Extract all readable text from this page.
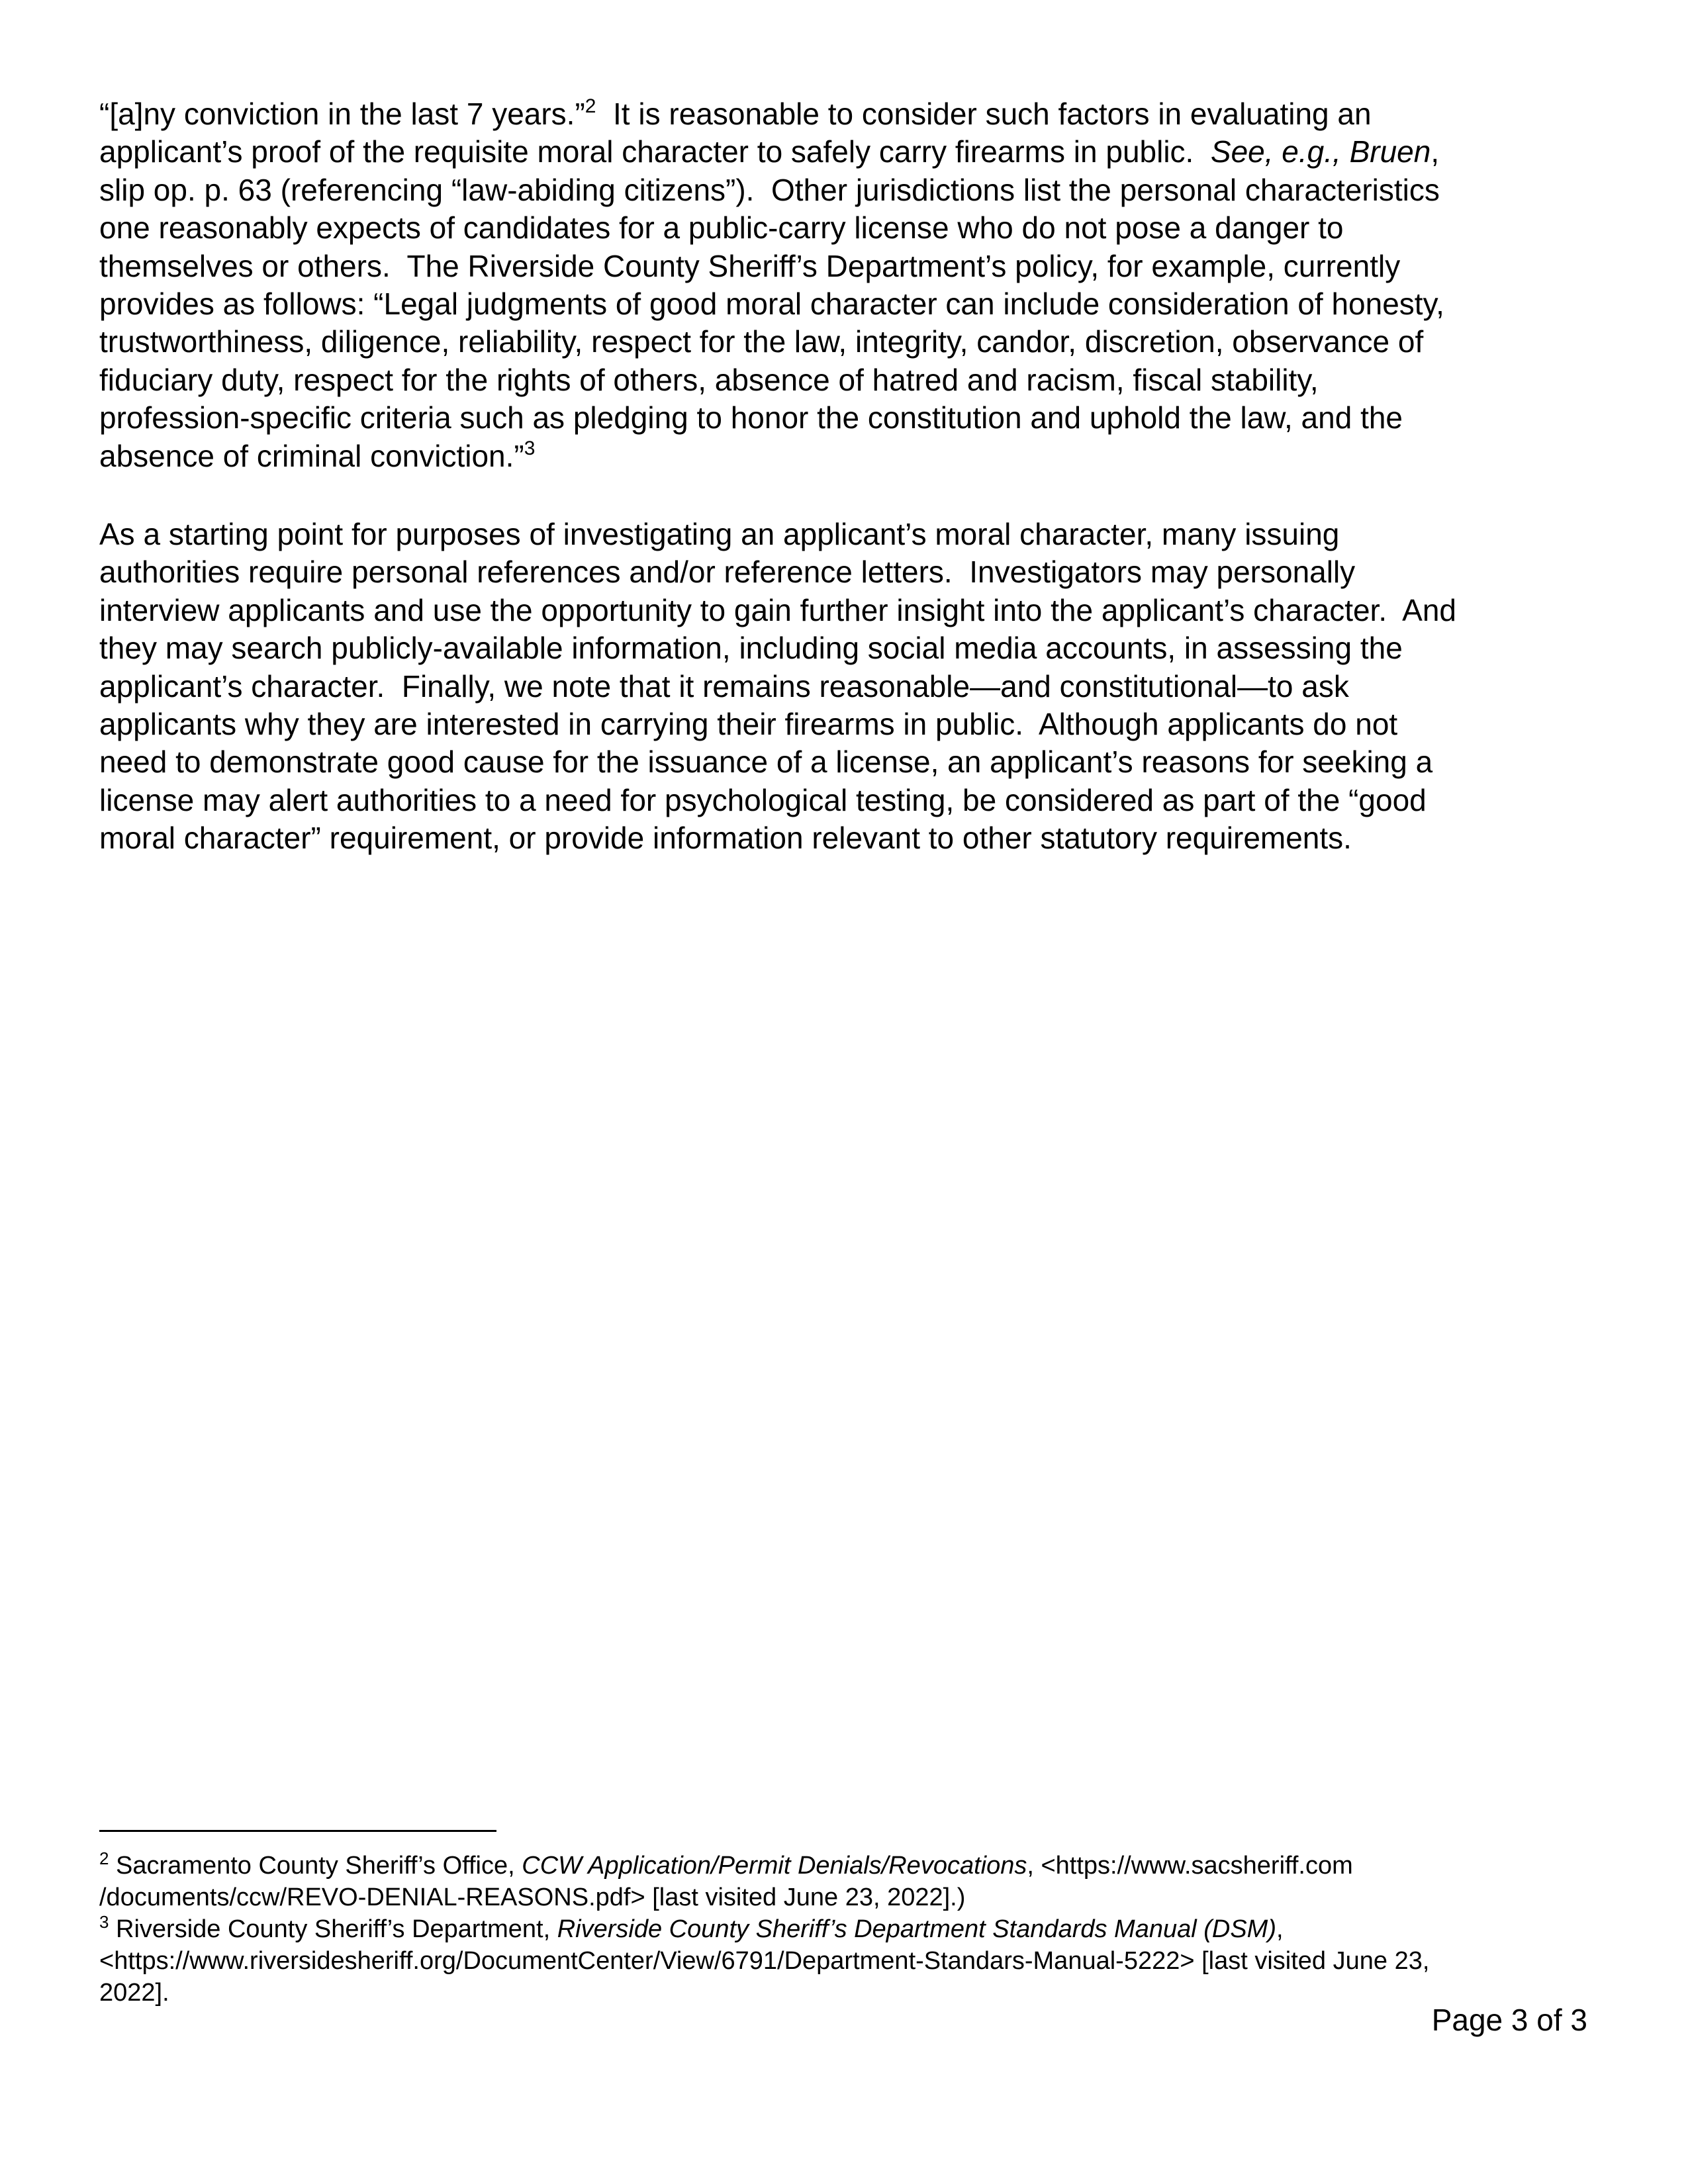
“[a]ny conviction in the last 7 years.”$^2$  It is reasonable to consider such factors in evaluating an
applicant’s proof of the requisite moral character to safely carry firearms in public.  See, e.g., Bruen,
slip op. p. 63 (referencing “law-abiding citizens”).  Other jurisdictions list the personal characteristics
one reasonably expects of candidates for a public-carry license who do not pose a danger to
themselves or others.  The Riverside County Sheriff’s Department’s policy, for example, currently
provides as follows: “Legal judgments of good moral character can include consideration of honesty,
trustworthiness, diligence, reliability, respect for the law, integrity, candor, discretion, observance of
fiduciary duty, respect for the rights of others, absence of hatred and racism, fiscal stability,
profession-specific criteria such as pledging to honor the constitution and uphold the law, and the
absence of criminal conviction.”$^3$
As a starting point for purposes of investigating an applicant’s moral character, many issuing
authorities require personal references and/or reference letters.  Investigators may personally
interview applicants and use the opportunity to gain further insight into the applicant’s character.  And
they may search publicly-available information, including social media accounts, in assessing the
applicant’s character.  Finally, we note that it remains reasonable—and constitutional—to ask
applicants why they are interested in carrying their firearms in public.  Although applicants do not
need to demonstrate good cause for the issuance of a license, an applicant’s reasons for seeking a
license may alert authorities to a need for psychological testing, be considered as part of the “good
moral character” requirement, or provide information relevant to other statutory requirements.
$^2$ Sacramento County Sheriff’s Office, CCW Application/Permit Denials/Revocations, <https://www.sacsheriff.com
/documents/ccw/REVO-DENIAL-REASONS.pdf> [last visited June 23, 2022].)
$^3$ Riverside County Sheriff’s Department, Riverside County Sheriff’s Department Standards Manual (DSM),
<https://www.riversidesheriff.org/DocumentCenter/View/6791/Department-Standars-Manual-5222> [last visited June 23,
2022].
Page 3 of 3
